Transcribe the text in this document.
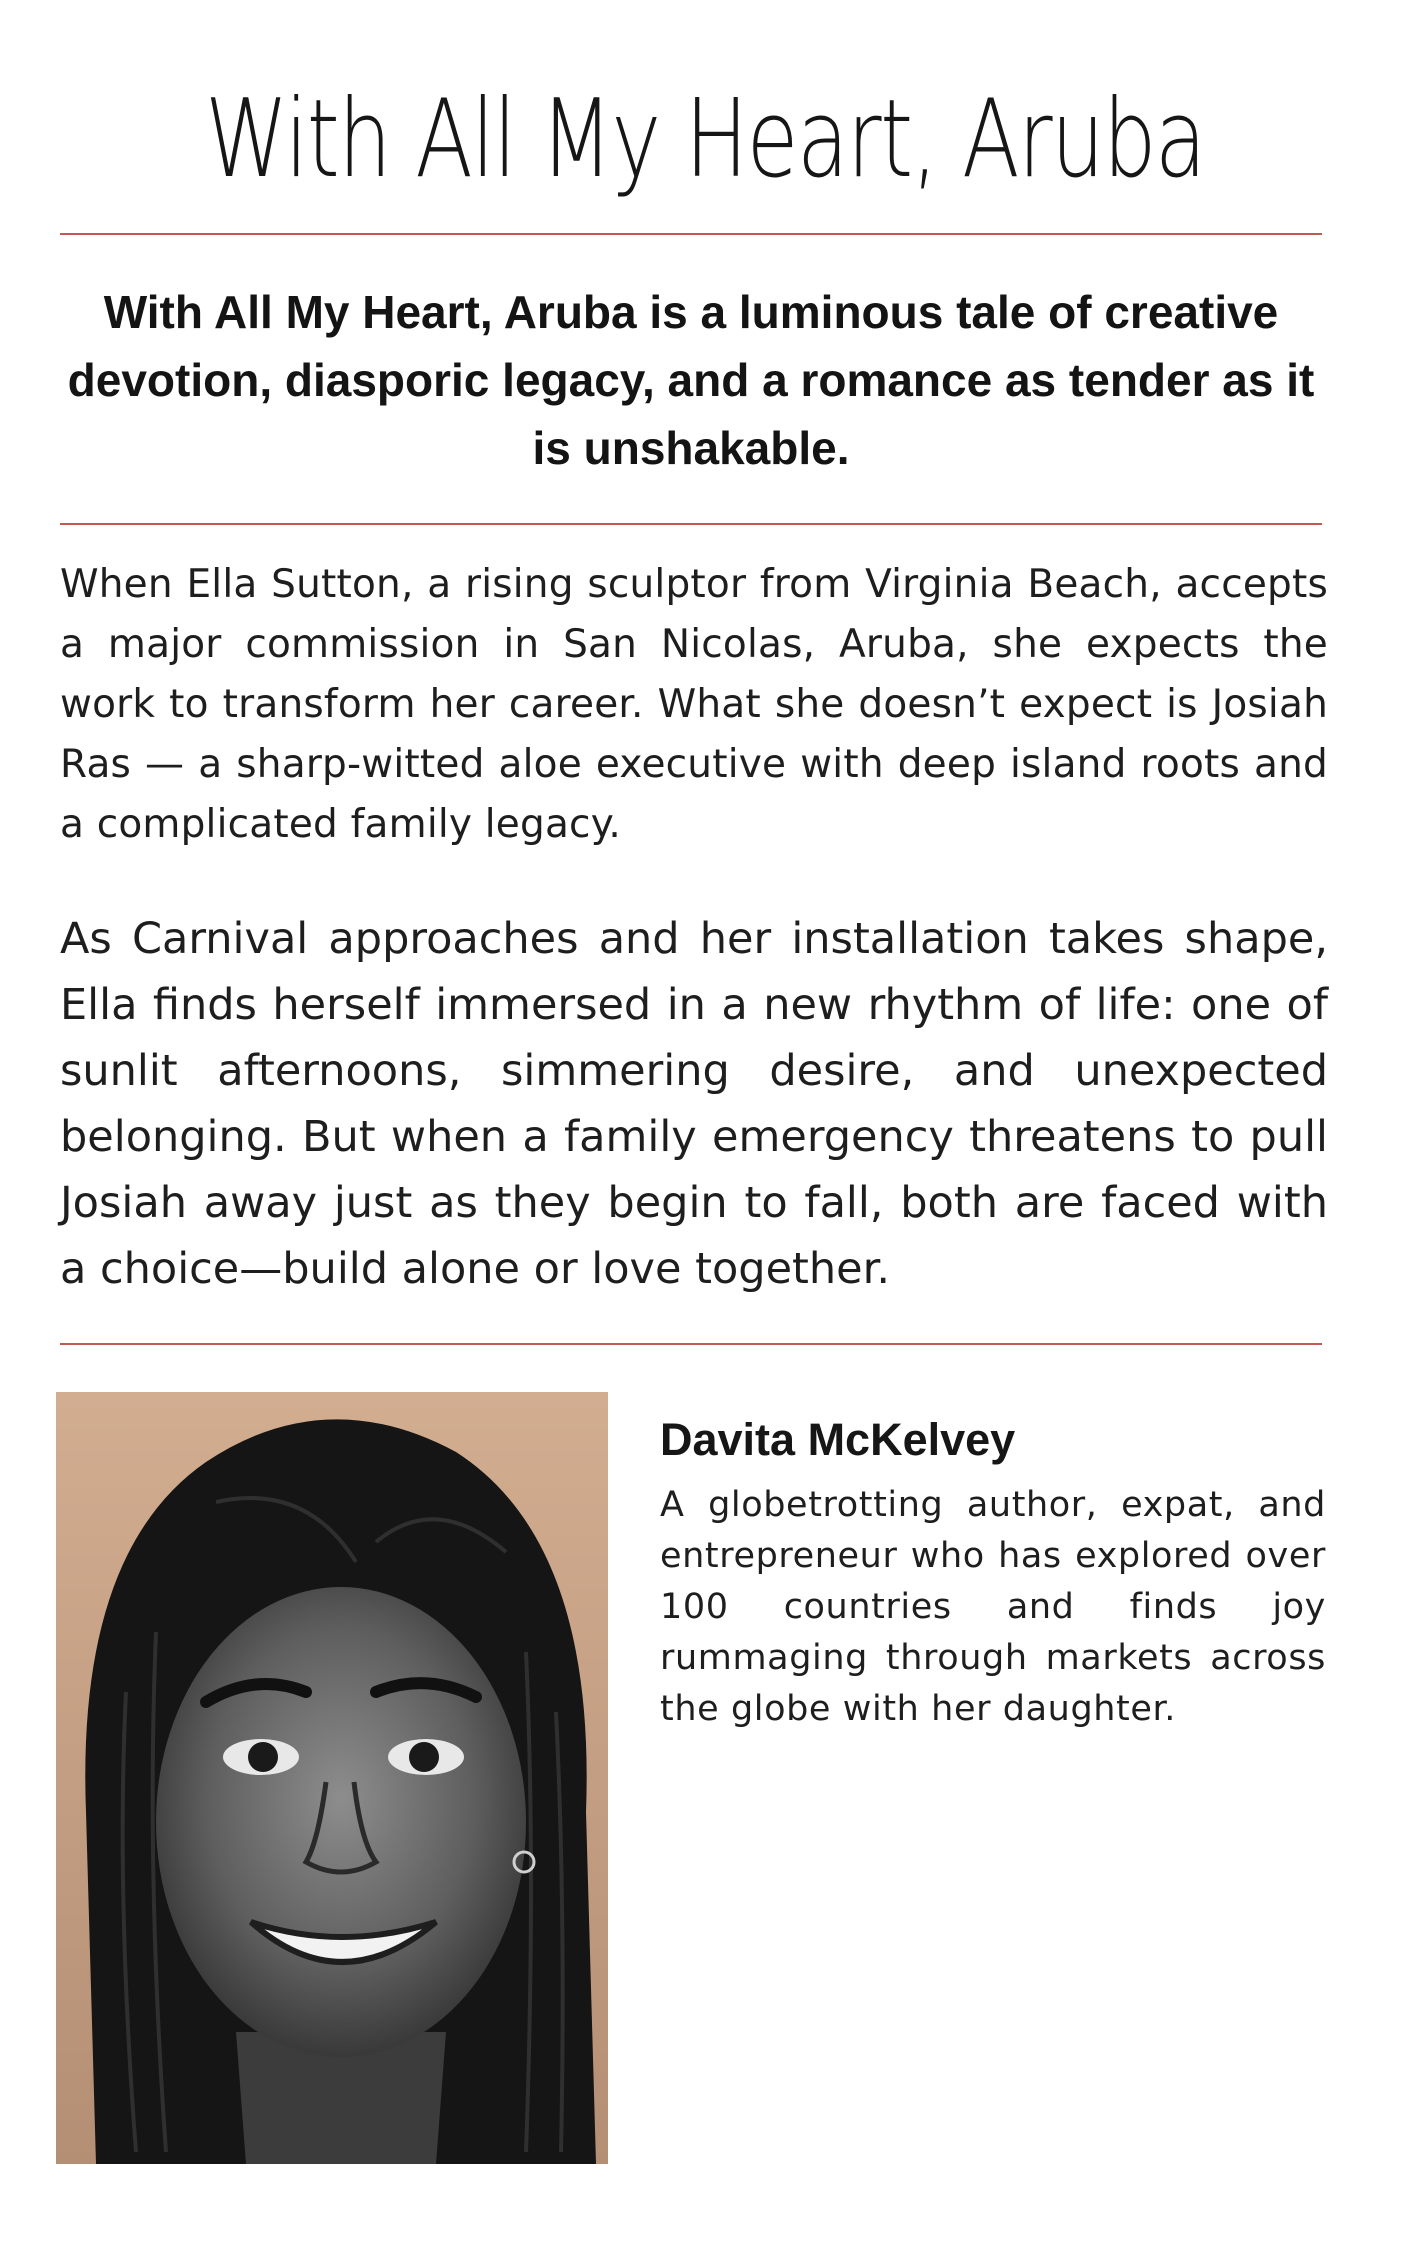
With All My Heart, Aruba
With All My Heart, Aruba is a luminous tale of creative devotion, diasporic legacy, and a romance as tender as it is unshakable.

When Ella Sutton, a rising sculptor from Virginia Beach, accepts a major commission in San Nicolas, Aruba, she expects the work to transform her career. What she doesn’t expect is Josiah Ras — a sharp-witted aloe executive with deep island roots and a complicated family legacy.

As Carnival approaches and her installation takes shape, Ella finds herself immersed in a new rhythm of life: one of sunlit afternoons, simmering desire, and unexpected belonging. But when a family emergency threatens to pull Josiah away just as they begin to fall, both are faced with a choice—build alone or love together.

Davita McKelvey

A globetrotting author, expat, and entrepreneur who has explored over 100 countries and finds joy rummaging through markets across the globe with her daughter.
